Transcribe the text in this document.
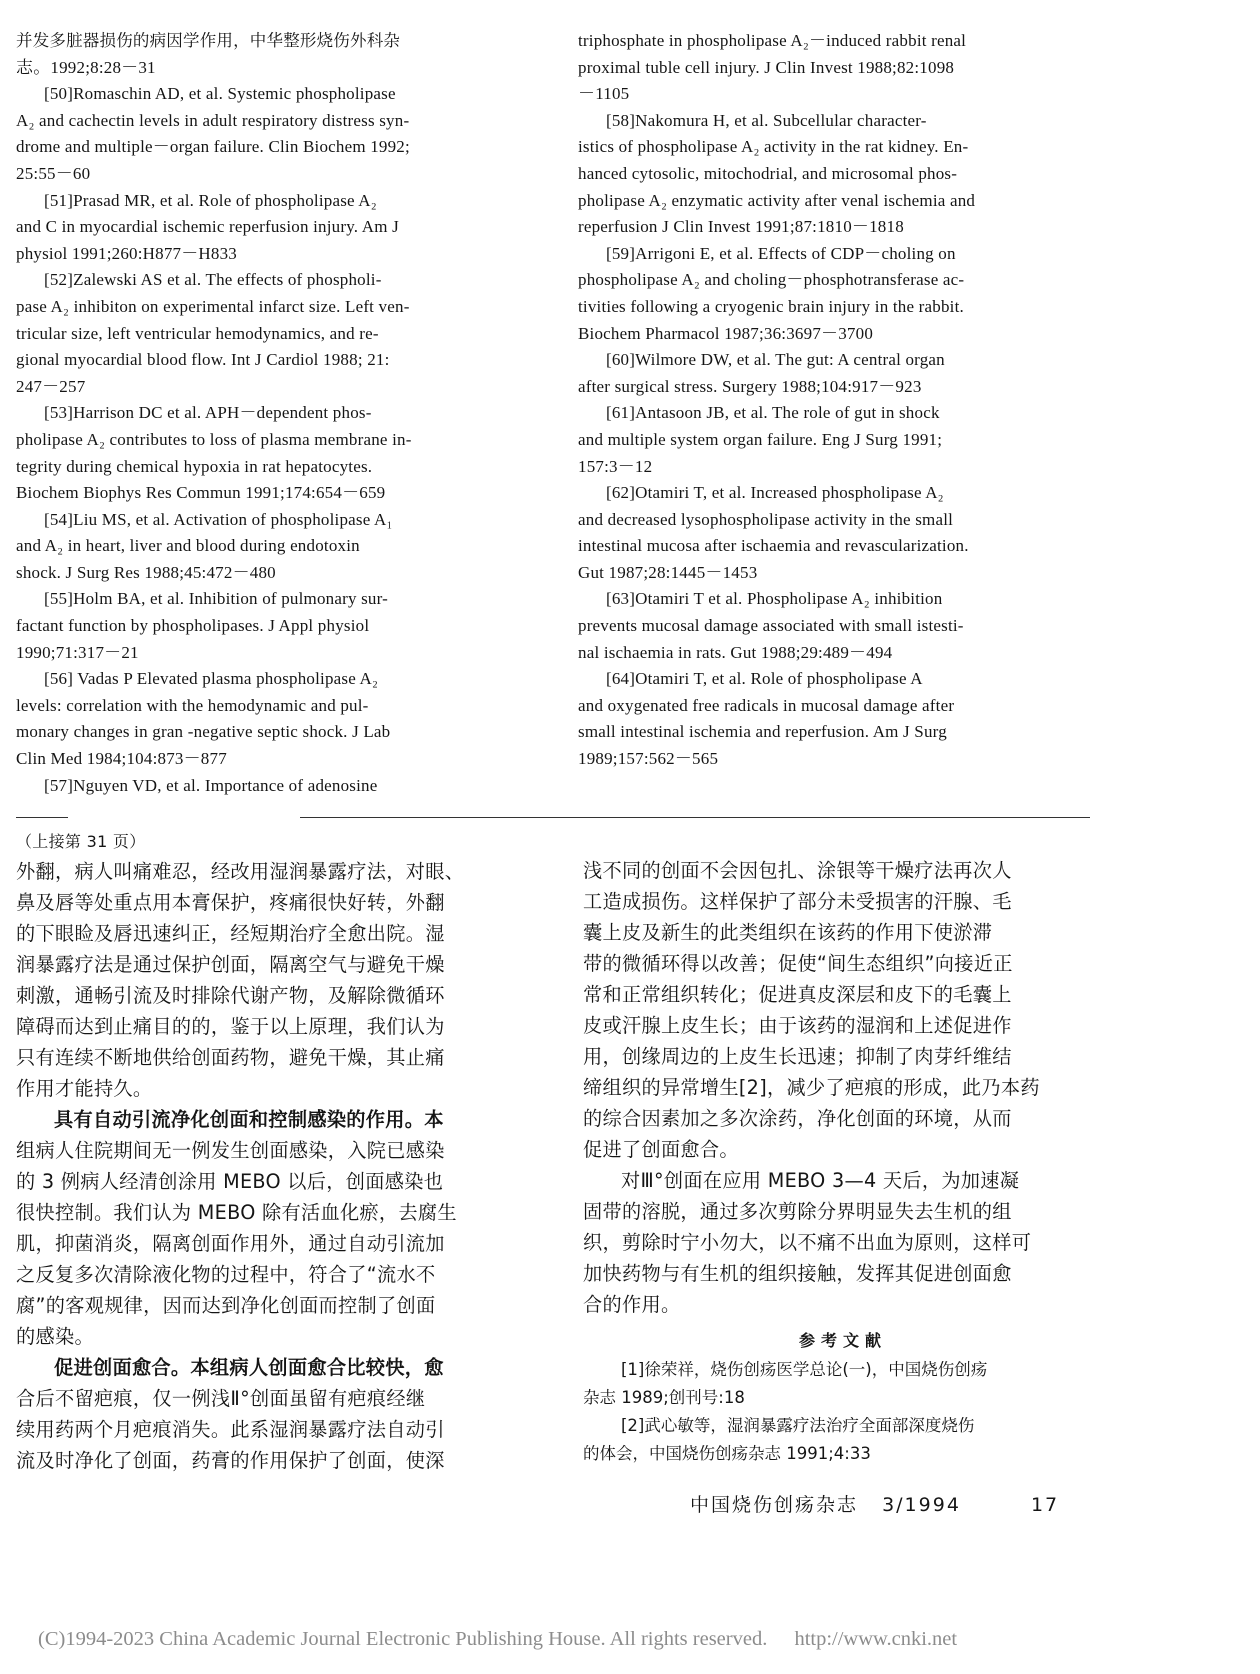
并发多脏器损伤的病因学作用，中华整形烧伤外科杂
志。1992;8:28－31
[50]Romaschin AD, et al. Systemic phospholipase
A₂ and cachectin levels in adult respiratory distress syn-
drome and multiple－organ failure. Clin Biochem 1992;
25:55－60
[51]Prasad MR, et al. Role of phospholipase A₂
and C in myocardial ischemic reperfusion injury. Am J
physiol 1991;260:H877－H833
[52]Zalewski AS et al. The effects of phospholi-
pase A₂ inhibiton on experimental infarct size. Left ven-
tricular size, left ventricular hemodynamics, and re-
gional myocardial blood flow. Int J Cardiol 1988; 21:
247－257
[53]Harrison DC et al. APH－dependent phos-
pholipase A₂ contributes to loss of plasma membrane in-
tegrity during chemical hypoxia in rat hepatocytes.
Biochem Biophys Res Commun 1991;174:654－659
[54]Liu MS, et al. Activation of phospholipase A₁
and A₂ in heart, liver and blood during endotoxin
shock. J Surg Res 1988;45:472－480
[55]Holm BA, et al. Inhibition of pulmonary sur-
factant function by phospholipases. J Appl physiol
1990;71:317－21
[56] Vadas P Elevated plasma phospholipase A₂
levels: correlation with the hemodynamic and pul-
monary changes in gran -negative septic shock. J Lab
Clin Med 1984;104:873－877
[57]Nguyen VD, et al. Importance of adenosine
triphosphate in phospholipase A₂－induced rabbit renal
proximal tuble cell injury. J Clin Invest 1988;82:1098
－1105
[58]Nakomura H, et al. Subcellular character-
istics of phospholipase A₂ activity in the rat kidney. En-
hanced cytosolic, mitochodrial, and microsomal phos-
pholipase A₂ enzymatic activity after venal ischemia and
reperfusion J Clin Invest 1991;87:1810－1818
[59]Arrigoni E, et al. Effects of CDP－choling on
phospholipase A₂ and choling－phosphotransferase ac-
tivities following a cryogenic brain injury in the rabbit.
Biochem Pharmacol 1987;36:3697－3700
[60]Wilmore DW, et al. The gut: A central organ
after surgical stress. Surgery 1988;104:917－923
[61]Antasoon JB, et al. The role of gut in shock
and multiple system organ failure. Eng J Surg 1991;
157:3－12
[62]Otamiri T, et al. Increased phospholipase A₂
and decreased lysophospholipase activity in the small
intestinal mucosa after ischaemia and revascularization.
Gut 1987;28:1445－1453
[63]Otamiri T et al. Phospholipase A₂ inhibition
prevents mucosal damage associated with small istesti-
nal ischaemia in rats. Gut 1988;29:489－494
[64]Otamiri T, et al. Role of phospholipase A
and oxygenated free radicals in mucosal damage after
small intestinal ischemia and reperfusion. Am J Surg
1989;157:562－565
（上接第 31 页）
外翻，病人叫痛难忍，经改用湿润暴露疗法，对眼、
鼻及唇等处重点用本膏保护，疼痛很快好转，外翻
的下眼睑及唇迅速纠正，经短期治疗全愈出院。湿
润暴露疗法是通过保护创面，隔离空气与避免干燥
刺激，通畅引流及时排除代谢产物，及解除微循环
障碍而达到止痛目的的，鉴于以上原理，我们认为
只有连续不断地供给创面药物，避免干燥，其止痛
作用才能持久。
具有自动引流净化创面和控制感染的作用。本
组病人住院期间无一例发生创面感染，入院已感染
的 3 例病人经清创涂用 MEBO 以后，创面感染也
很快控制。我们认为 MEBO 除有活血化瘀，去腐生
肌，抑菌消炎，隔离创面作用外，通过自动引流加
之反复多次清除液化物的过程中，符合了“流水不
腐”的客观规律，因而达到净化创面而控制了创面
的感染。
促进创面愈合。本组病人创面愈合比较快，愈
合后不留疤痕，仅一例浅Ⅱ°创面虽留有疤痕经继
续用药两个月疤痕消失。此系湿润暴露疗法自动引
流及时净化了创面，药膏的作用保护了创面，使深
浅不同的创面不会因包扎、涂银等干燥疗法再次人
工造成损伤。这样保护了部分未受损害的汗腺、毛
囊上皮及新生的此类组织在该药的作用下使淤滞
带的微循环得以改善；促使“间生态组织”向接近正
常和正常组织转化；促进真皮深层和皮下的毛囊上
皮或汗腺上皮生长；由于该药的湿润和上述促进作
用，创缘周边的上皮生长迅速；抑制了肉芽纤维结
缔组织的异常增生[2]，减少了疤痕的形成，此乃本药
的综合因素加之多次涂药，净化创面的环境，从而
促进了创面愈合。
对Ⅲ°创面在应用 MEBO 3—4 天后，为加速凝
固带的溶脱，通过多次剪除分界明显失去生机的组
织，剪除时宁小勿大，以不痛不出血为原则，这样可
加快药物与有生机的组织接触，发挥其促进创面愈
合的作用。
参考文献
[1]徐荣祥，烧伤创疡医学总论(一)，中国烧伤创疡
杂志 1989;创刊号:18
[2]武心敏等，湿润暴露疗法治疗全面部深度烧伤
的体会，中国烧伤创疡杂志 1991;4:33
中国烧伤创疡杂志 3/1994	17
(C)1994-2023 China Academic Journal Electronic Publishing House. All rights reserved. http://www.cnki.net
